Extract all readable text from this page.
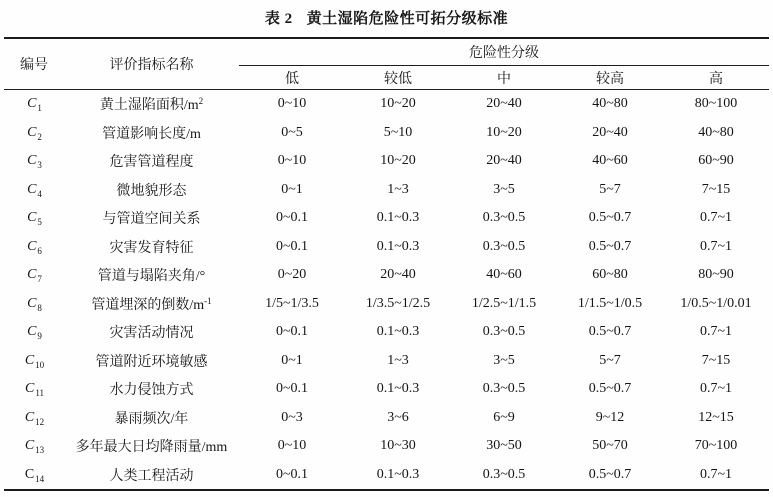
表 2 黄土湿陷危险性可拓分级标准
编号	评价指标名称	危险性分级				
		低	较低	中	较高	高
$C_1$	黄土湿陷面积$/m^2$	0~10	10~20	20~40	40~80	80~100
$C_2$	管道影响长度/m	0~5	5~10	10~20	20~40	40~80
$C_3$	危害管道程度	0~10	10~20	20~40	40~60	60~90
$C_4$	微地貌形态	0~1	1~3	3~5	5~7	7~15
$C_5$	与管道空间关系	0~0.1	0.1~0.3	0.3~0.5	0.5~0.7	0.7~1
$C_6$	灾害发育特征	0~0.1	0.1~0.3	0.3~0.5	0.5~0.7	0.7~1
$C_7$	管道与塌陷夹角/°	0~20	20~40	40~60	60~80	80~90
$C_8$	管道埋深的倒数$/m^{-1}$	1/5~1/3.5	1/3.5~1/2.5	1/2.5~1/1.5	1/1.5~1/0.5	1/0.5~1/0.01
$C_9$	灾害活动情况	0~0.1	0.1~0.3	0.3~0.5	0.5~0.7	0.7~1
$C_{10}$	管道附近环境敏感	0~1	1~3	3~5	5~7	7~15
$C_{11}$	水力侵蚀方式	0~0.1	0.1~0.3	0.3~0.5	0.5~0.7	0.7~1
$C_{12}$	暴雨频次/年	0~3	3~6	6~9	9~12	12~15
$C_{13}$	多年最大日均降雨量/mm	0~10	10~30	30~50	50~70	70~100
$C_{14}$	人类工程活动	0~0.1	0.1~0.3	0.3~0.5	0.5~0.7	0.7~1
